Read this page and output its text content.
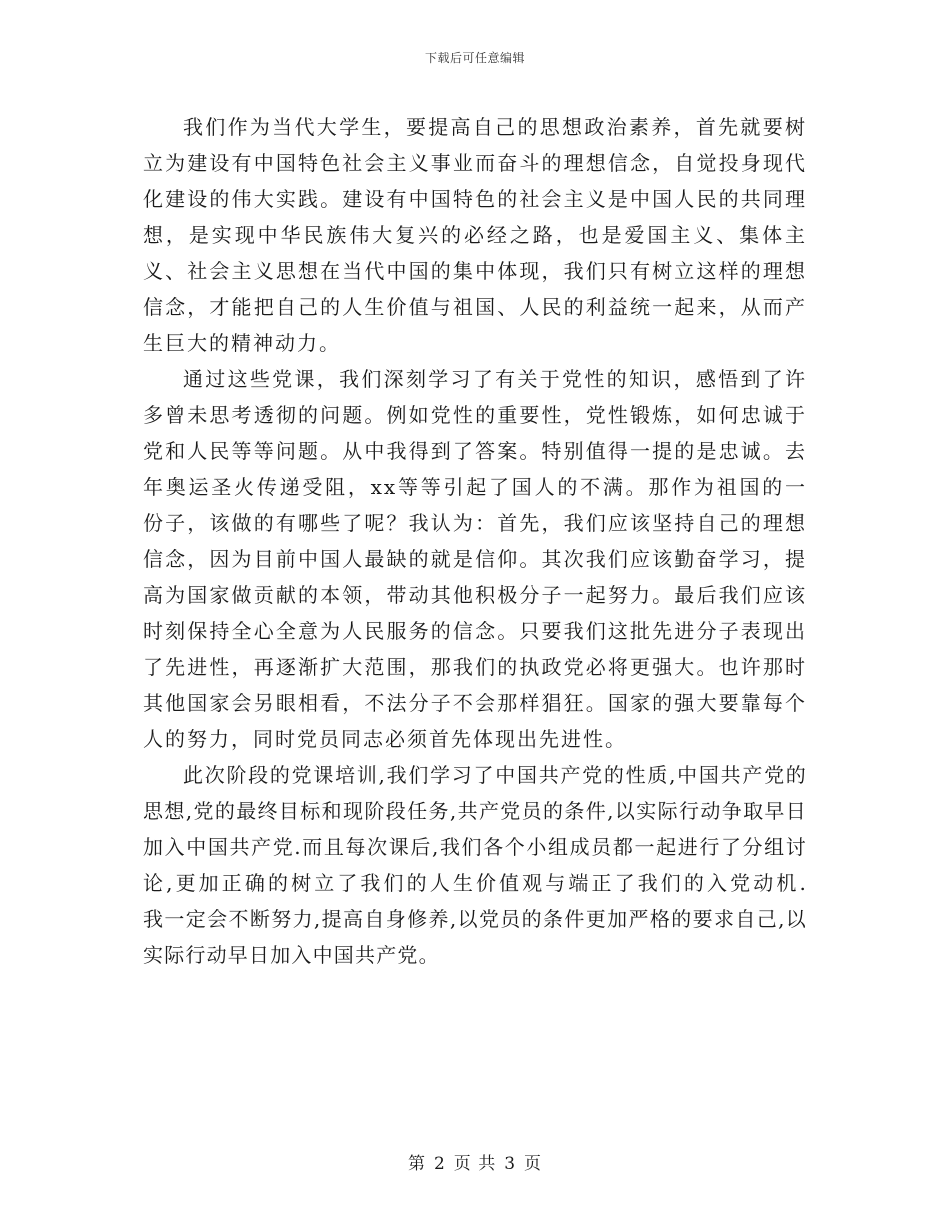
下载后可任意编辑

我们作为当代大学生，要提高自己的思想政治素养，首先就要树立为建设有中国特色社会主义事业而奋斗的理想信念，自觉投身现代化建设的伟大实践。建设有中国特色的社会主义是中国人民的共同理想，是实现中华民族伟大复兴的必经之路，也是爱国主义、集体主义、社会主义思想在当代中国的集中体现，我们只有树立这样的理想信念，才能把自己的人生价值与祖国、人民的利益统一起来，从而产生巨大的精神动力。

通过这些党课，我们深刻学习了有关于党性的知识，感悟到了许多曾未思考透彻的问题。例如党性的重要性，党性锻炼，如何忠诚于党和人民等等问题。从中我得到了答案。特别值得一提的是忠诚。去年奥运圣火传递受阻，xx等等引起了国人的不满。那作为祖国的一份子，该做的有哪些了呢？我认为：首先，我们应该坚持自己的理想信念，因为目前中国人最缺的就是信仰。其次我们应该勤奋学习，提高为国家做贡献的本领，带动其他积极分子一起努力。最后我们应该时刻保持全心全意为人民服务的信念。只要我们这批先进分子表现出了先进性，再逐渐扩大范围，那我们的执政党必将更强大。也许那时其他国家会另眼相看，不法分子不会那样猖狂。国家的强大要靠每个人的努力，同时党员同志必须首先体现出先进性。

此次阶段的党课培训,我们学习了中国共产党的性质,中国共产党的思想,党的最终目标和现阶段任务,共产党员的条件,以实际行动争取早日加入中国共产党.而且每次课后,我们各个小组成员都一起进行了分组讨论,更加正确的树立了我们的人生价值观与端正了我们的入党动机.　　我一定会不断努力,提高自身修养,以党员的条件更加严格的要求自己,以实际行动早日加入中国共产党。

第 2 页 共 3 页
